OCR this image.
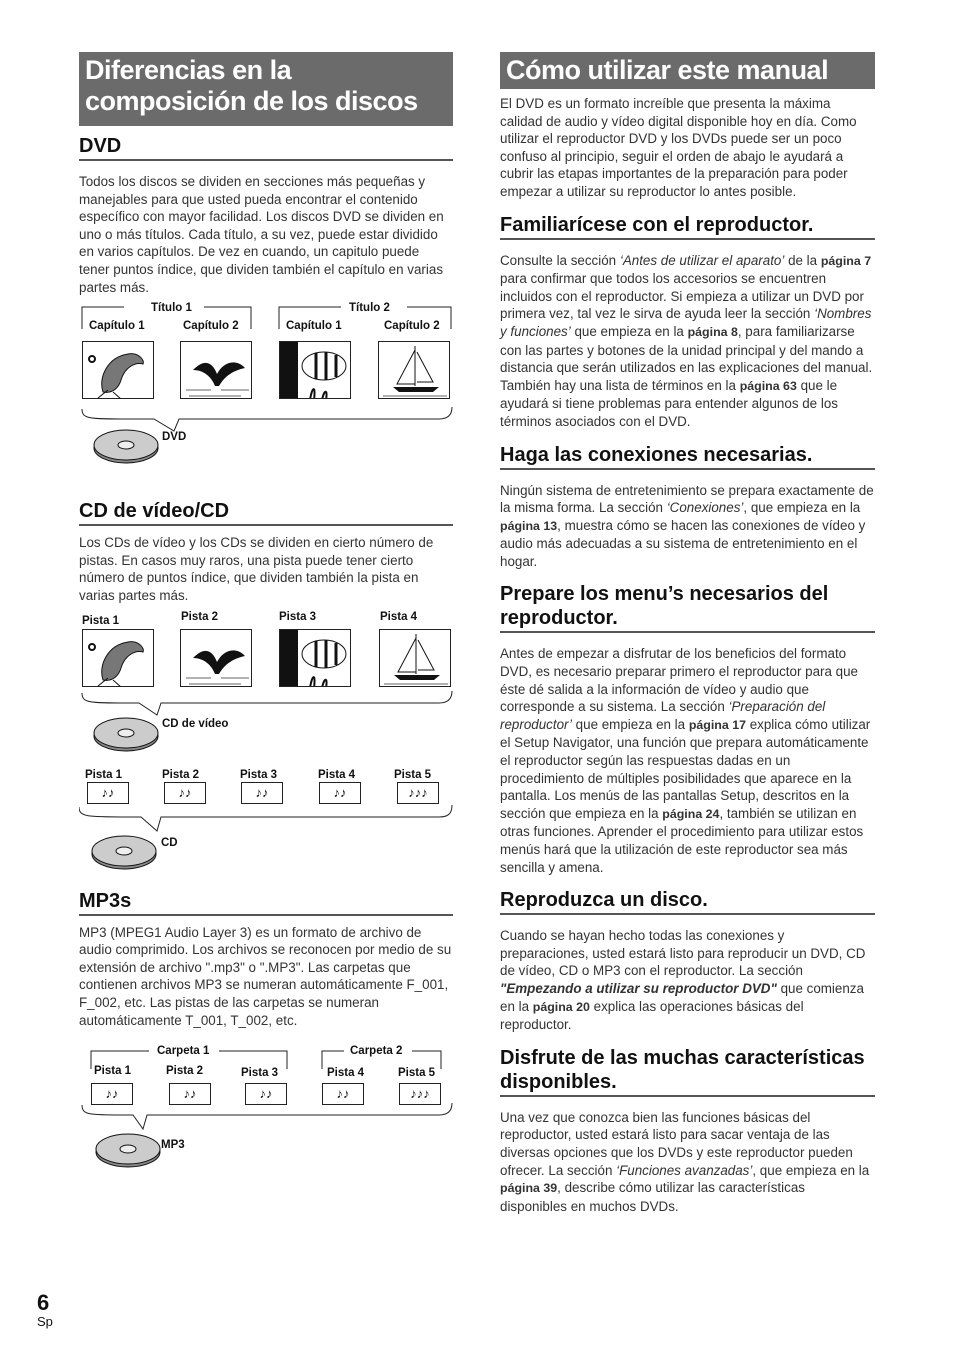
Diferencias en la composición de los discos
DVD

Todos los discos se dividen en secciones más pequeñas y manejables para que usted pueda encontrar el contenido específico con mayor facilidad. Los discos DVD se dividen en uno o más títulos. Cada título, a su vez, puede estar dividido en varios capítulos. De vez en cuando, un capitulo puede tener puntos índice, que dividen también el capítulo en varias partes más.

Título 1	Título 2
Capítulo 1	Capítulo 2	Capítulo 1	Capítulo 2
DVD
CD de vídeo/CD

Los CDs de vídeo y los CDs se dividen en cierto número de pistas. En casos muy raros, una pista puede tener cierto número de puntos índice, que dividen también la pista en varias partes más.

Pista 1	Pista 2	Pista 3	Pista 4
CD de vídeo
Pista 1	Pista 2	Pista 3	Pista 4	Pista 5
♪♪	♪♪	♪♪	♪♪	♪♪♪
CD
MP3s

MP3 (MPEG1 Audio Layer 3) es un formato de archivo de audio comprimido. Los archivos se reconocen por medio de su extensión de archivo ".mp3" o ".MP3". Las carpetas que contienen archivos MP3 se numeran automáticamente F_001, F_002, etc. Las pistas de las carpetas se numeran automáticamente T_001, T_002, etc.

Carpeta 1	Carpeta 2
Pista 1	Pista 2	Pista 3	Pista 4	Pista 5
♪♪	♪♪	♪♪	♪♪	♪♪♪
MP3
Cómo utilizar este manual

El DVD es un formato increíble que presenta la máxima calidad de audio y vídeo digital disponible hoy en día. Como utilizar el reproductor DVD y los DVDs puede ser un poco confuso al principio, seguir el orden de abajo le ayudará a cubrir las etapas importantes de la preparación para poder empezar a utilizar su reproductor lo antes posible.

Familiarícese con el reproductor.

Consulte la sección ‘Antes de utilizar el aparato’ de la página 7 para confirmar que todos los accesorios se encuentren incluidos con el reproductor. Si empieza a utilizar un DVD por primera vez, tal vez le sirva de ayuda leer la sección ‘Nombres y funciones’ que empieza en la página 8, para familiarizarse con las partes y botones de la unidad principal y del mando a distancia que serán utilizados en las explicaciones del manual.
También hay una lista de términos en la página 63 que le ayudará si tiene problemas para entender algunos de los términos asociados con el DVD.

Haga las conexiones necesarias.

Ningún sistema de entretenimiento se prepara exactamente de la misma forma. La sección ‘Conexiones’, que empieza en la página 13, muestra cómo se hacen las conexiones de vídeo y audio más adecuadas a su sistema de entretenimiento en el hogar.

Prepare los menu’s necesarios del reproductor.

Antes de empezar a disfrutar de los beneficios del formato DVD, es necesario preparar primero el reproductor para que éste dé salida a la información de vídeo y audio que corresponde a su sistema. La sección ‘Preparación del reproductor’ que empieza en la página 17 explica cómo utilizar el Setup Navigator, una función que prepara automáticamente el reproductor según las respuestas dadas en un procedimiento de múltiples posibilidades que aparece en la pantalla. Los menús de las pantallas Setup, descritos en la sección que empieza en la página 24, también se utilizan en otras funciones. Aprender el procedimiento para utilizar estos menús hará que la utilización de este reproductor sea más sencilla y amena.

Reproduzca un disco.

Cuando se hayan hecho todas las conexiones y preparaciones, usted estará listo para reproducir un DVD, CD de vídeo, CD o MP3 con el reproductor. La sección "Empezando a utilizar su reproductor DVD" que comienza en la página 20 explica las operaciones básicas del reproductor.

Disfrute de las muchas características disponibles.

Una vez que conozca bien las funciones básicas del reproductor, usted estará listo para sacar ventaja de las diversas opciones que los DVDs y este reproductor pueden ofrecer. La sección ‘Funciones avanzadas’, que empieza en la página 39, describe cómo utilizar las características disponibles en muchos DVDs.

6
Sp
